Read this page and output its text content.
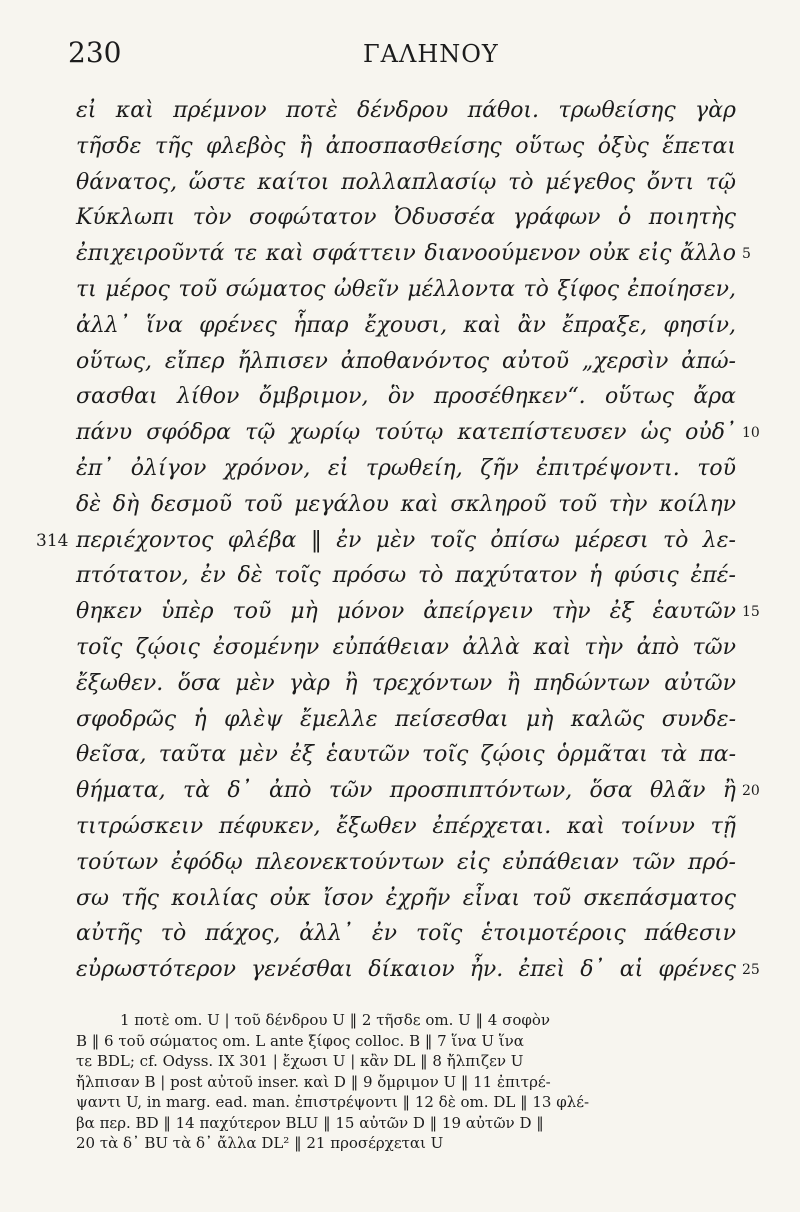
230	ΓΑΛΗΝΟΥ
εἰ καὶ πρέμνον ποτὲ δένδρου πάθοι. τρωθείσης γὰρ
τῆσδε τῆς φλεβὸς ἢ ἀποσπασθείσης οὕτως ὀξὺς ἕπεται
θάνατος, ὥστε καίτοι πολλαπλασίῳ τὸ μέγεθος ὄντι τῷ
Κύκλωπι τὸν σοφώτατον Ὀδυσσέα γράφων ὁ ποιητὴς
ἐπιχειροῦντά τε καὶ σφάττειν διανοούμενον οὐκ εἰς ἄλλο
τι μέρος τοῦ σώματος ὠθεῖν μέλλοντα τὸ ξίφος ἐποίησεν,
ἀλλ᾽ ἵνα φρένες ἧπαρ ἔχουσι, καὶ ἂν ἔπραξε, φησίν,
οὕτως, εἴπερ ἤλπισεν ἀποθανόντος αὐτοῦ „χερσὶν ἀπώ-
σασθαι λίθον ὄμβριμον, ὃν προσέθηκεν“. οὕτως ἄρα
πάνυ σφόδρα τῷ χωρίῳ τούτῳ κατεπίστευσεν ὡς οὐδ᾽
ἐπ᾽ ὀλίγον χρόνον, εἰ τρωθείη, ζῆν ἐπιτρέψοντι. τοῦ
δὲ δὴ δεσμοῦ τοῦ μεγάλου καὶ σκληροῦ τοῦ τὴν κοίλην
περιέχοντος φλέβα ‖ ἐν μὲν τοῖς ὀπίσω μέρεσι τὸ λε-
πτότατον, ἐν δὲ τοῖς πρόσω τὸ παχύτατον ἡ φύσις ἐπέ-
θηκεν ὑπὲρ τοῦ μὴ μόνον ἀπείργειν τὴν ἐξ ἑαυτῶν
τοῖς ζῴοις ἐσομένην εὐπάθειαν ἀλλὰ καὶ τὴν ἀπὸ τῶν
ἔξωθεν. ὅσα μὲν γὰρ ἢ τρεχόντων ἢ πηδώντων αὐτῶν
σφοδρῶς ἡ φλὲψ ἔμελλε πείσεσθαι μὴ καλῶς συνδε-
θεῖσα, ταῦτα μὲν ἐξ ἑαυτῶν τοῖς ζῴοις ὁρμᾶται τὰ πα-
θήματα, τὰ δ᾽ ἀπὸ τῶν προσπιπτόντων, ὅσα θλᾶν ἢ
τιτρώσκειν πέφυκεν, ἔξωθεν ἐπέρχεται. καὶ τοίνυν τῇ
τούτων ἐφόδῳ πλεονεκτούντων εἰς εὐπάθειαν τῶν πρό-
σω τῆς κοιλίας οὐκ ἴσον ἐχρῆν εἶναι τοῦ σκεπάσματος
αὐτῆς τὸ πάχος, ἀλλ᾽ ἐν τοῖς ἑτοιμοτέροις πάθεσιν
εὐρωστότερον γενέσθαι δίκαιον ἦν. ἐπεὶ δ᾽ αἱ φρένες
5
10
15
20
25
314
1 ποτὲ om. U | τοῦ δένδρου U ‖ 2 τῆσδε om. U ‖ 4 σοφὸν
B ‖ 6 τοῦ σώματος om. L ante ξίφος colloc. B ‖ 7 ἵνα U ἵνα
τε BDL; cf. Odyss. IX 301 | ἔχωσι U | κἂν DL ‖ 8 ἤλπιζεν U
ἤλπισαν B | post αὐτοῦ inser. καὶ D ‖ 9 ὄμριμον U ‖ 11 ἐπιτρέ-
ψαντι U, in marg. ead. man. ἐπιστρέψοντι ‖ 12 δὲ om. DL ‖ 13 φλέ-
βα περ. BD ‖ 14 παχύτερον BLU ‖ 15 αὐτῶν D ‖ 19 αὐτῶν D ‖
20 τὰ δ᾽ BU τὰ δ᾽ ἄλλα DL² ‖ 21 προσέρχεται U
